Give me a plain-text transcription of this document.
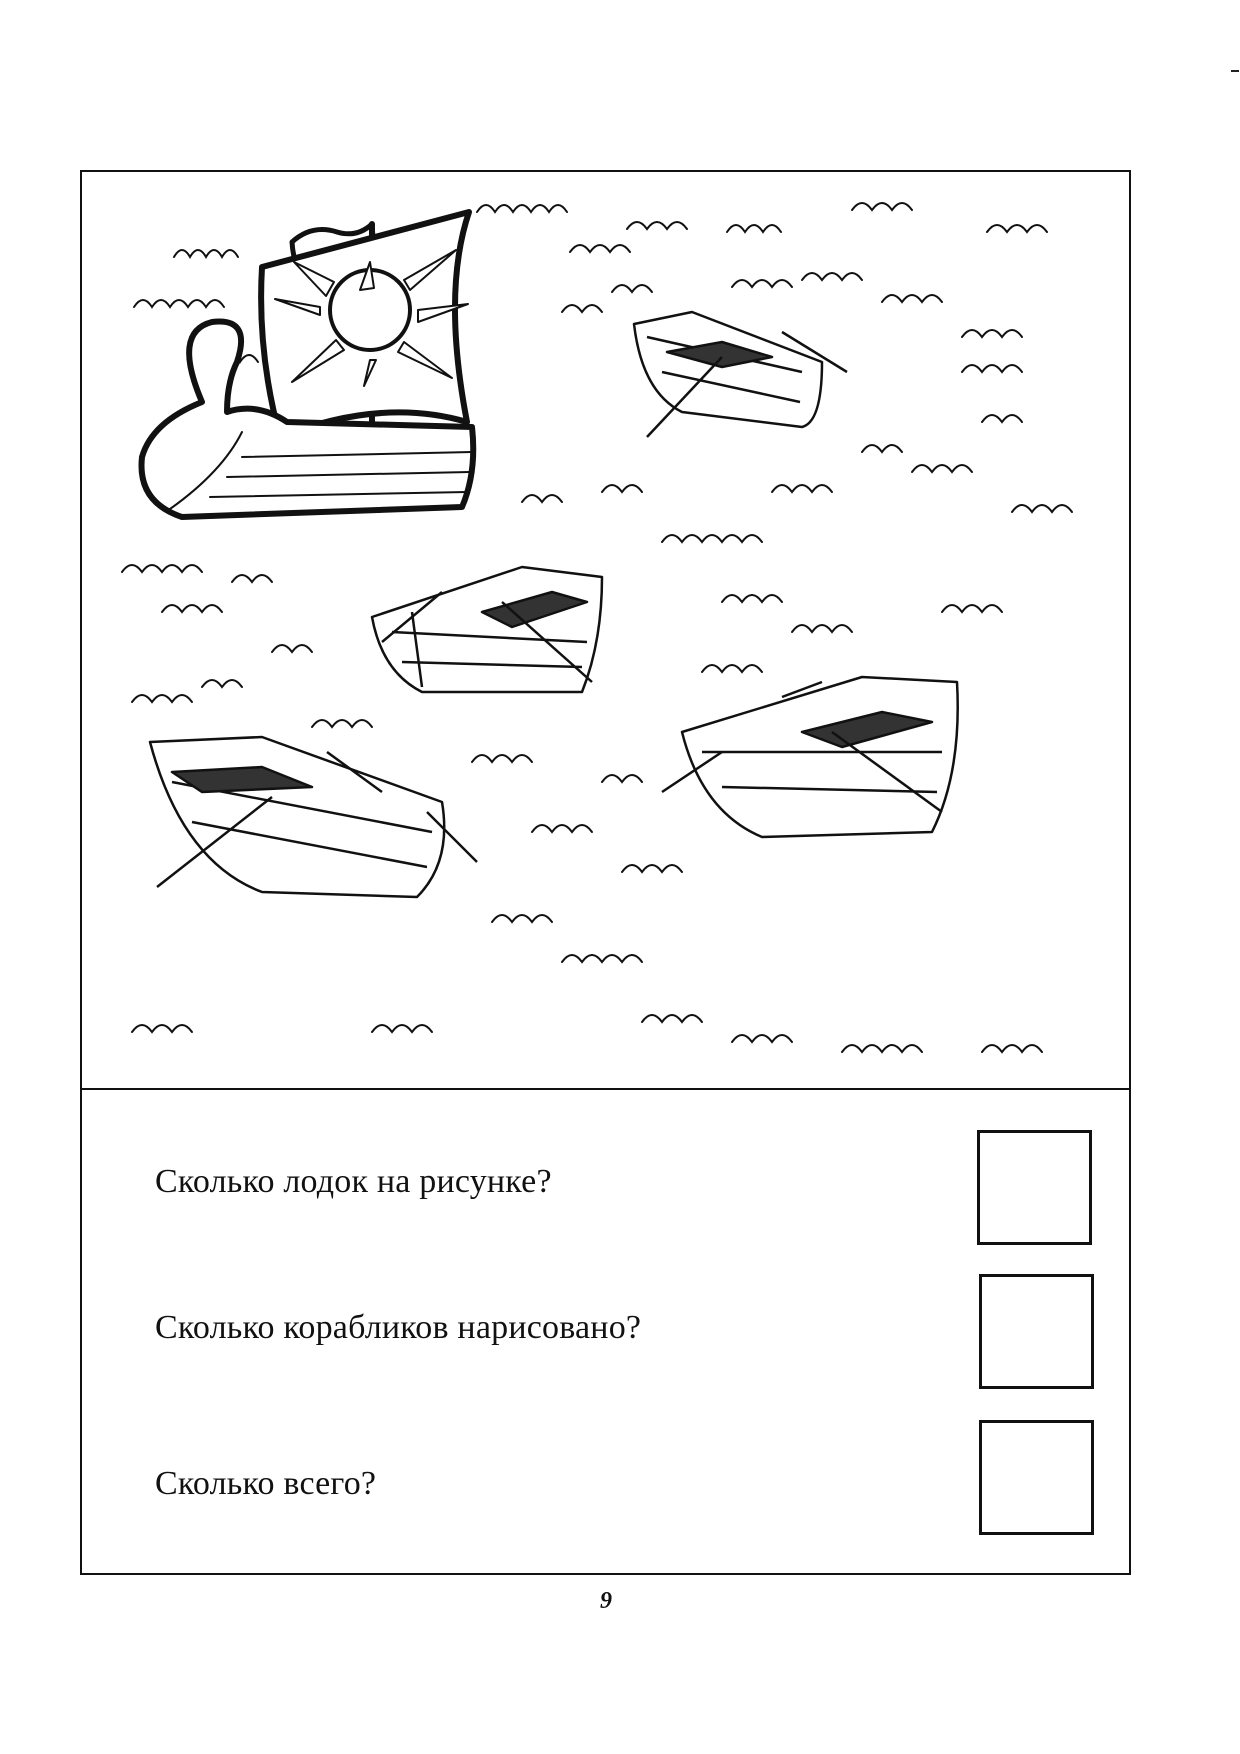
Сколько лодок на рисунке?
Сколько корабликов нарисовано?
Сколько всего?
9
